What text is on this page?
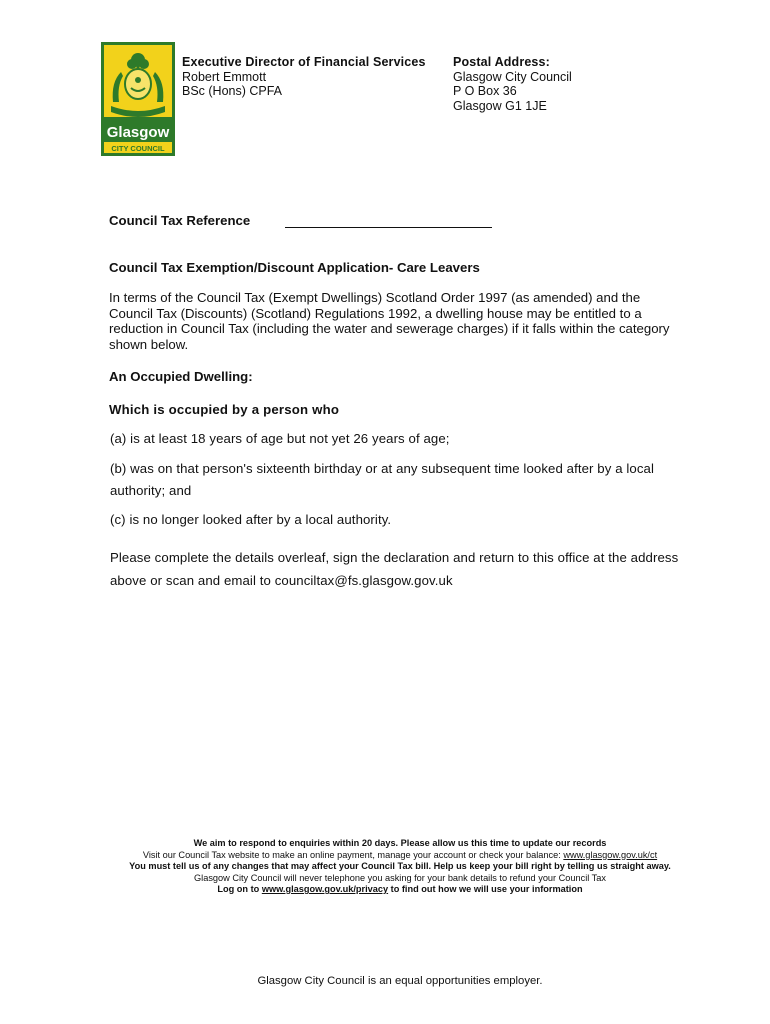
Glasgow
CITY COUNCIL
Executive Director of Financial Services
Robert Emmott
BSc (Hons) CPFA
Postal Address:
Glasgow City Council
P O Box 36
Glasgow G1 1JE
Council Tax Reference
Council Tax Exemption/Discount Application- Care Leavers
In terms of the Council Tax (Exempt Dwellings) Scotland Order 1997 (as amended) and the Council Tax (Discounts) (Scotland) Regulations 1992, a dwelling house may be entitled to a reduction in Council Tax (including the water and sewerage charges) if it falls within the category shown below.
An Occupied Dwelling:
Which is occupied by a person who
(a) is at least 18 years of age but not yet 26 years of age;
(b) was on that person's sixteenth birthday or at any subsequent time looked after by a local authority; and
(c) is no longer looked after by a local authority.
Please complete the details overleaf, sign the declaration and return to this office at the address above or scan and email to counciltax@fs.glasgow.gov.uk
We aim to respond to enquiries within 20 days. Please allow us this time to update our records
Visit our Council Tax website to make an online payment, manage your account or check your balance: www.glasgow.gov.uk/ct
You must tell us of any changes that may affect your Council Tax bill. Help us keep your bill right by telling us straight away.
Glasgow City Council will never telephone you asking for your bank details to refund your Council Tax
Log on to www.glasgow.gov.uk/privacy to find out how we will use your information
Glasgow City Council is an equal opportunities employer.
